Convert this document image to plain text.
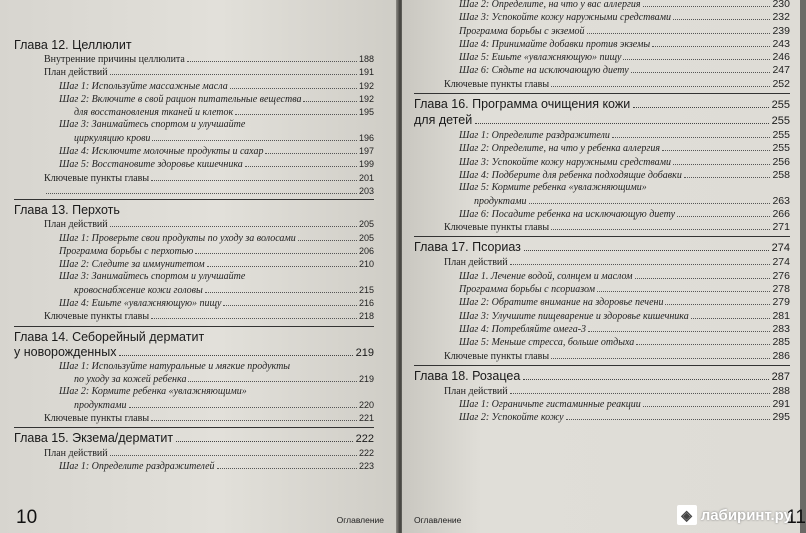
Глава 12. Целлюлит
Внутренние причины целлюлита	188
План действий	191
Шаг 1: Используйте массажные масла	192
Шаг 2: Включите в свой рацион питательные вещества	192
для восстановления тканей и клеток	195
Шаг 3: Занимайтесь спортом и улучшайте
циркуляцию крови	196
Шаг 4: Исключите молочные продукты и сахар	197
Шаг 5: Восстановите здоровье кишечника	199
Ключевые пункты главы	201
203
Глава 13. Перхоть
План действий	205
Шаг 1: Проверьте свои продукты по уходу за волосами	205
Программа борьбы с перхотью	206
Шаг 2: Следите за иммунитетом	210
Шаг 3: Занимайтесь спортом и улучшайте
кровоснабжение кожи головы	215
Шаг 4: Ешьте «увлажняющую» пищу	216
Ключевые пункты главы	218
Глава 14. Себорейный дерматит
у новорожденных	219
Шаг 1: Используйте натуральные и мягкие продукты
по уходу за кожей ребенка	219
Шаг 2: Кормите ребенка «увлажняющими»
продуктами	220
Ключевые пункты главы	221
Глава 15. Экзема/дерматит	222
План действий	222
Шаг 1: Определите раздражителей	223
10	Оглавление
Шаг 2: Определите, на что у вас аллергия	230
Шаг 3: Успокойте кожу наружными средствами	232
Программа борьбы с экземой	239
Шаг 4: Принимайте добавки против экземы	243
Шаг 5: Ешьте «увлажняющую» пищу	246
Шаг 6: Сядьте на исключающую диету	247
Ключевые пункты главы	252
Глава 16. Программа очищения кожи	255
для детей	255
Шаг 1: Определите раздражители	255
Шаг 2: Определите, на что у ребенка аллергия	255
Шаг 3: Успокойте кожу наружными средствами	256
Шаг 4: Подберите для ребенка подходящие добавки	258
Шаг 5: Кормите ребенка «увлажняющими»
продуктами	263
Шаг 6: Посадите ребенка на исключающую диету	266
Ключевые пункты главы	271
Глава 17. Псориаз	274
План действий	274
Шаг 1. Лечение водой, солнцем и маслом	276
Программа борьбы с псориазом	278
Шаг 2: Обратите внимание на здоровье печени	279
Шаг 3: Улучшите пищеварение и здоровье кишечника	281
Шаг 4: Потребляйте омега-3	283
Шаг 5: Меньше стресса, больше отдыха	285
Ключевые пункты главы	286
Глава 18. Розацеа	287
План действий	288
Шаг 1: Ограничьте гистаминные реакции	291
Шаг 2: Успокойте кожу	295
Оглавление	11
◈ лабиринт.ру
